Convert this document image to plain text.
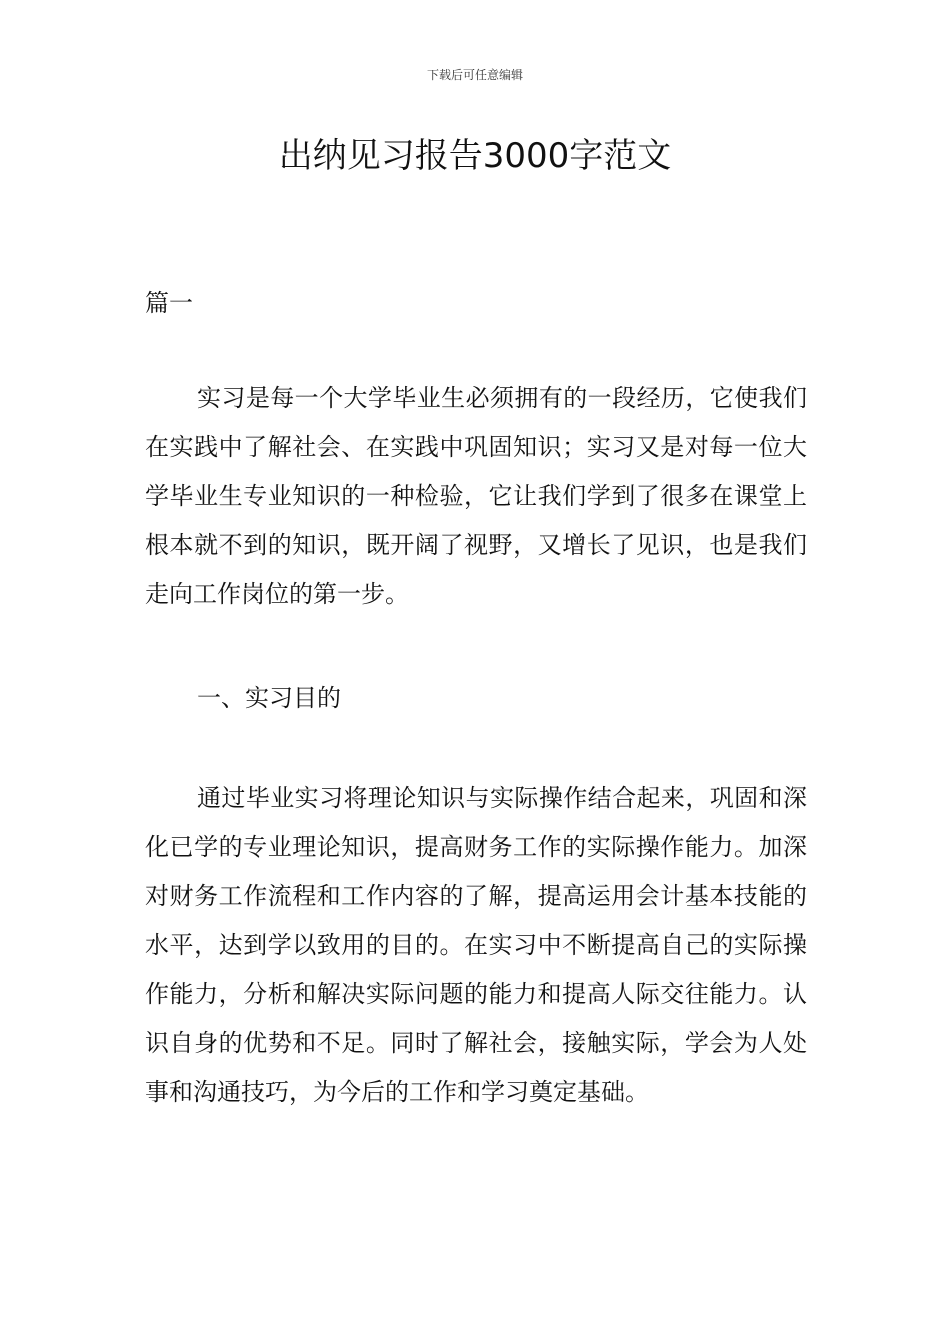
下载后可任意编辑
出纳见习报告3000字范文
篇一

实习是每一个大学毕业生必须拥有的一段经历，它使我们在实践中了解社会、在实践中巩固知识；实习又是对每一位大学毕业生专业知识的一种检验，它让我们学到了很多在课堂上根本就不到的知识，既开阔了视野，又增长了见识，也是我们走向工作岗位的第一步。

一、实习目的

通过毕业实习将理论知识与实际操作结合起来，巩固和深化已学的专业理论知识，提高财务工作的实际操作能力。加深对财务工作流程和工作内容的了解，提高运用会计基本技能的水平，达到学以致用的目的。在实习中不断提高自己的实际操作能力，分析和解决实际问题的能力和提高人际交往能力。认识自身的优势和不足。同时了解社会，接触实际，学会为人处事和沟通技巧，为今后的工作和学习奠定基础。
